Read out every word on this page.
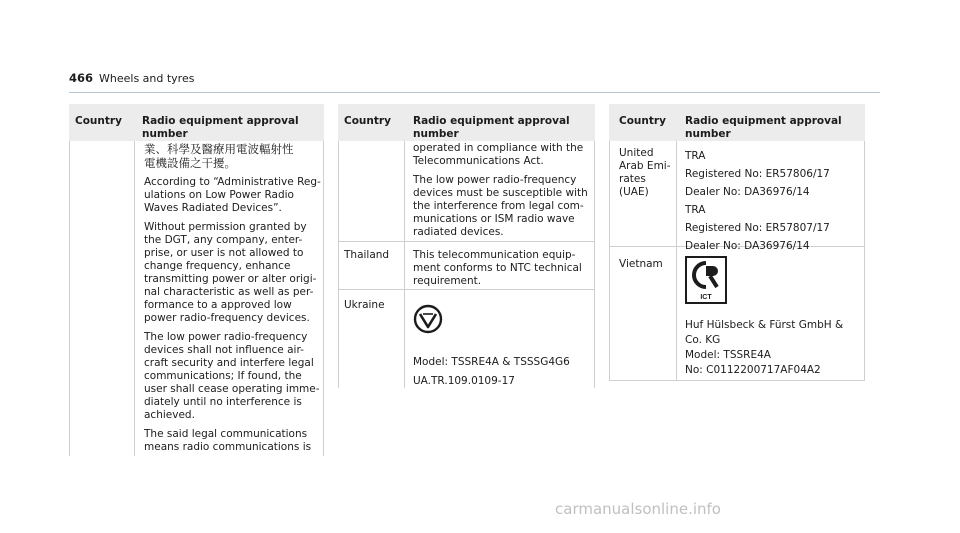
466 Wheels and tyres
Country Radio equipment approval
number

業、科學及醫療用電波輻射性
電機設備之干擾。

According to “Administrative Reg-
ulations on Low Power Radio
Waves Radiated Devices”.

Without permission granted by
the DGT, any company, enter-
prise, or user is not allowed to
change frequency, enhance
transmitting power or alter origi-
nal characteristic as well as per-
formance to a approved low
power radio-frequency devices.

The low power radio-frequency
devices shall not influence air-
craft security and interfere legal
communications; If found, the
user shall cease operating imme-
diately until no interference is
achieved.

The said legal communications
means radio communications is

Country Radio equipment approval
number

operated in compliance with the
Telecommunications Act.

The low power radio-frequency
devices must be susceptible with
the interference from legal com-
munications or ISM radio wave
radiated devices.

Thailand This telecommunication equip-
ment conforms to NTC technical
requirement.
Ukraine
Model: TSSRE4A & TSSSG4G6
UA.TR.109.0109-17
Country Radio equipment approval
number
United
Arab Emi-
rates
(UAE)
TRA
Registered No: ER57806/17
Dealer No: DA36976/14
TRA
Registered No: ER57807/17
Dealer No: DA36976/14
Vietnam
ICT
Huf Hülsbeck & Fürst GmbH &
Co. KG
Model: TSSRE4A
No: C0112200717AF04A2
carmanualsonline.info
